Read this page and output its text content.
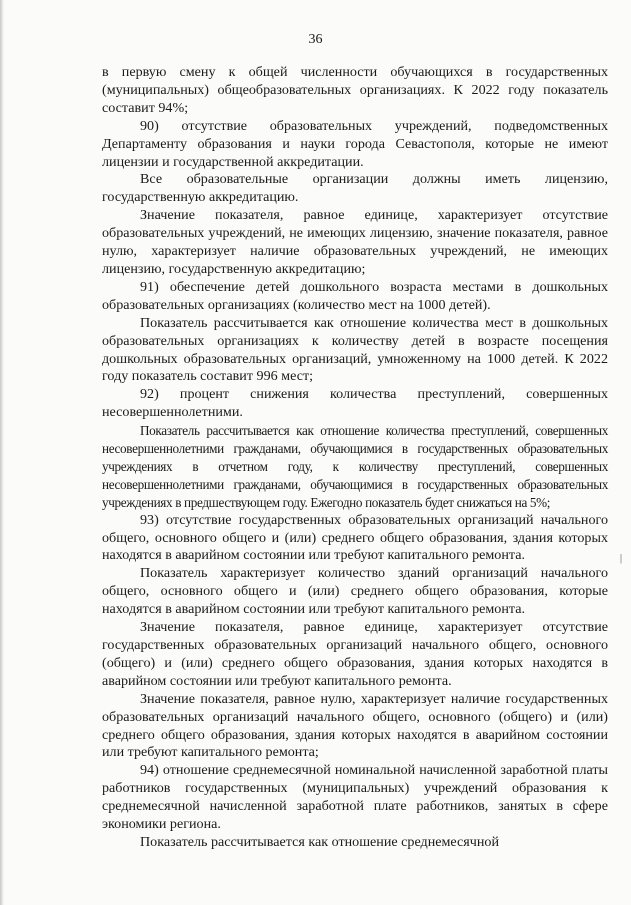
36

в первую смену к общей численности обучающихся в государственных (муниципальных) общеобразовательных организациях. К 2022 году показатель составит 94%;

90) отсутствие образовательных учреждений, подведомственных Департаменту образования и науки города Севастополя, которые не имеют лицензии и государственной аккредитации.

Все образовательные организации должны иметь лицензию, государственную аккредитацию.

Значение показателя, равное единице, характеризует отсутствие образовательных учреждений, не имеющих лицензию, значение показателя, равное нулю, характеризует наличие образовательных учреждений, не имеющих лицензию, государственную аккредитацию;

91) обеспечение детей дошкольного возраста местами в дошкольных образовательных организациях (количество мест на 1000 детей).

Показатель рассчитывается как отношение количества мест в дошкольных образовательных организациях к количеству детей в возрасте посещения дошкольных образовательных организаций, умноженному на 1000 детей. К 2022 году показатель составит 996 мест;

92) процент снижения количества преступлений, совершенных несовершеннолетними.

Показатель рассчитывается как отношение количества преступлений, совершенных несовершеннолетними гражданами, обучающимися в государственных образовательных учреждениях в отчетном году, к количеству преступлений, совершенных несовершеннолетними гражданами, обучающимися в государственных образовательных учреждениях в предшествующем году. Ежегодно показатель будет снижаться на 5%;

93) отсутствие государственных образовательных организаций начального общего, основного общего и (или) среднего общего образования, здания которых находятся в аварийном состоянии или требуют капитального ремонта.

Показатель характеризует количество зданий организаций начального общего, основного общего и (или) среднего общего образования, которые находятся в аварийном состоянии или требуют капитального ремонта.

Значение показателя, равное единице, характеризует отсутствие государственных образовательных организаций начального общего, основного (общего) и (или) среднего общего образования, здания которых находятся в аварийном состоянии или требуют капитального ремонта.

Значение показателя, равное нулю, характеризует наличие государственных образовательных организаций начального общего, основного (общего) и (или) среднего общего образования, здания которых находятся в аварийном состоянии или требуют капитального ремонта;

94) отношение среднемесячной номинальной начисленной заработной платы работников государственных (муниципальных) учреждений образования к среднемесячной начисленной заработной плате работников, занятых в сфере экономики региона.

Показатель рассчитывается как отношение среднемесячной

|
